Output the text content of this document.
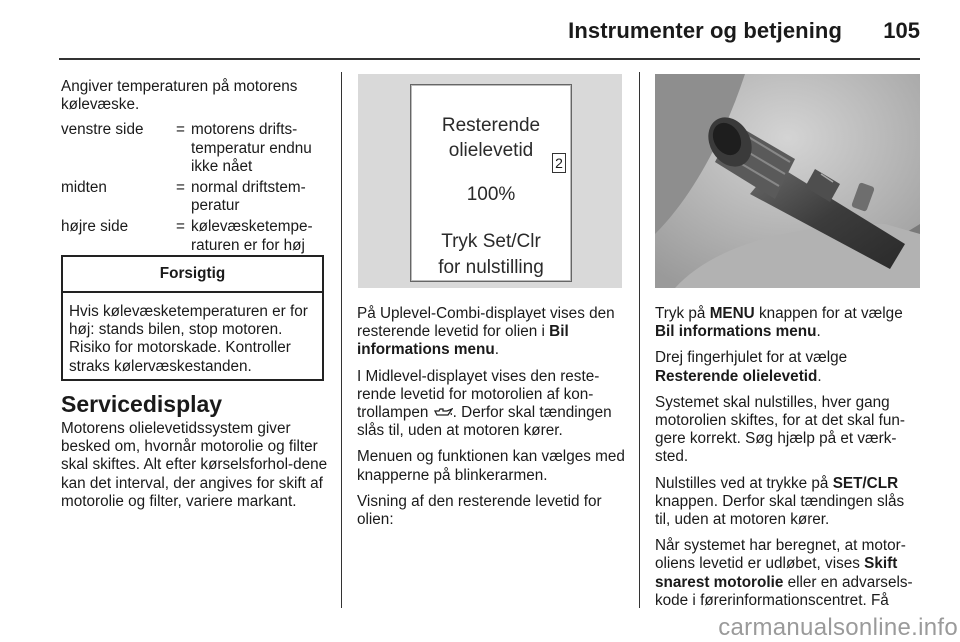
Instrumenter og betjening 105

Angiver temperaturen på motorens kølevæske.

venstre side = motorens drifts-temperatur endnu ikke nået
midten	= normal driftstem-peratur
højre side	= kølevæsketempe-raturen er for høj
Forsigtig
Hvis kølevæsketemperaturen er for høj: stands bilen, stop motoren. Risiko for motorskade. Kontroller straks kølervæskestanden.
Servicedisplay

Motorens olielevetidssystem giver besked om, hvornår motorolie og filter skal skiftes. Alt efter kørselsforhol-dene kan det interval, der angives for skift af motorolie og filter, variere markant.

Resterende
olielevetid
100%
Tryk Set/Clr
for nulstilling
2

På Uplevel-Combi-displayet vises den resterende levetid for olien i Bil informations menu.

I Midlevel-displayet vises den reste-rende levetid for motorolien af kon-trollampen . Derfor skal tændingen slås til, uden at motoren kører.

Menuen og funktionen kan vælges med knapperne på blinkerarmen.

Visning af den resterende levetid for olien:

Tryk på MENU knappen for at vælge Bil informations menu.

Drej fingerhjulet for at vælge Resterende olielevetid.

Systemet skal nulstilles, hver gang motorolien skiftes, for at det skal fun-gere korrekt. Søg hjælp på et værk-sted.

Nulstilles ved at trykke på SET/CLR knappen. Derfor skal tændingen slås til, uden at motoren kører.

Når systemet har beregnet, at motor-oliens levetid er udløbet, vises Skift snarest motorolie eller en advarsels-kode i førerinformationscentret. Få

carmanualsonline.info
